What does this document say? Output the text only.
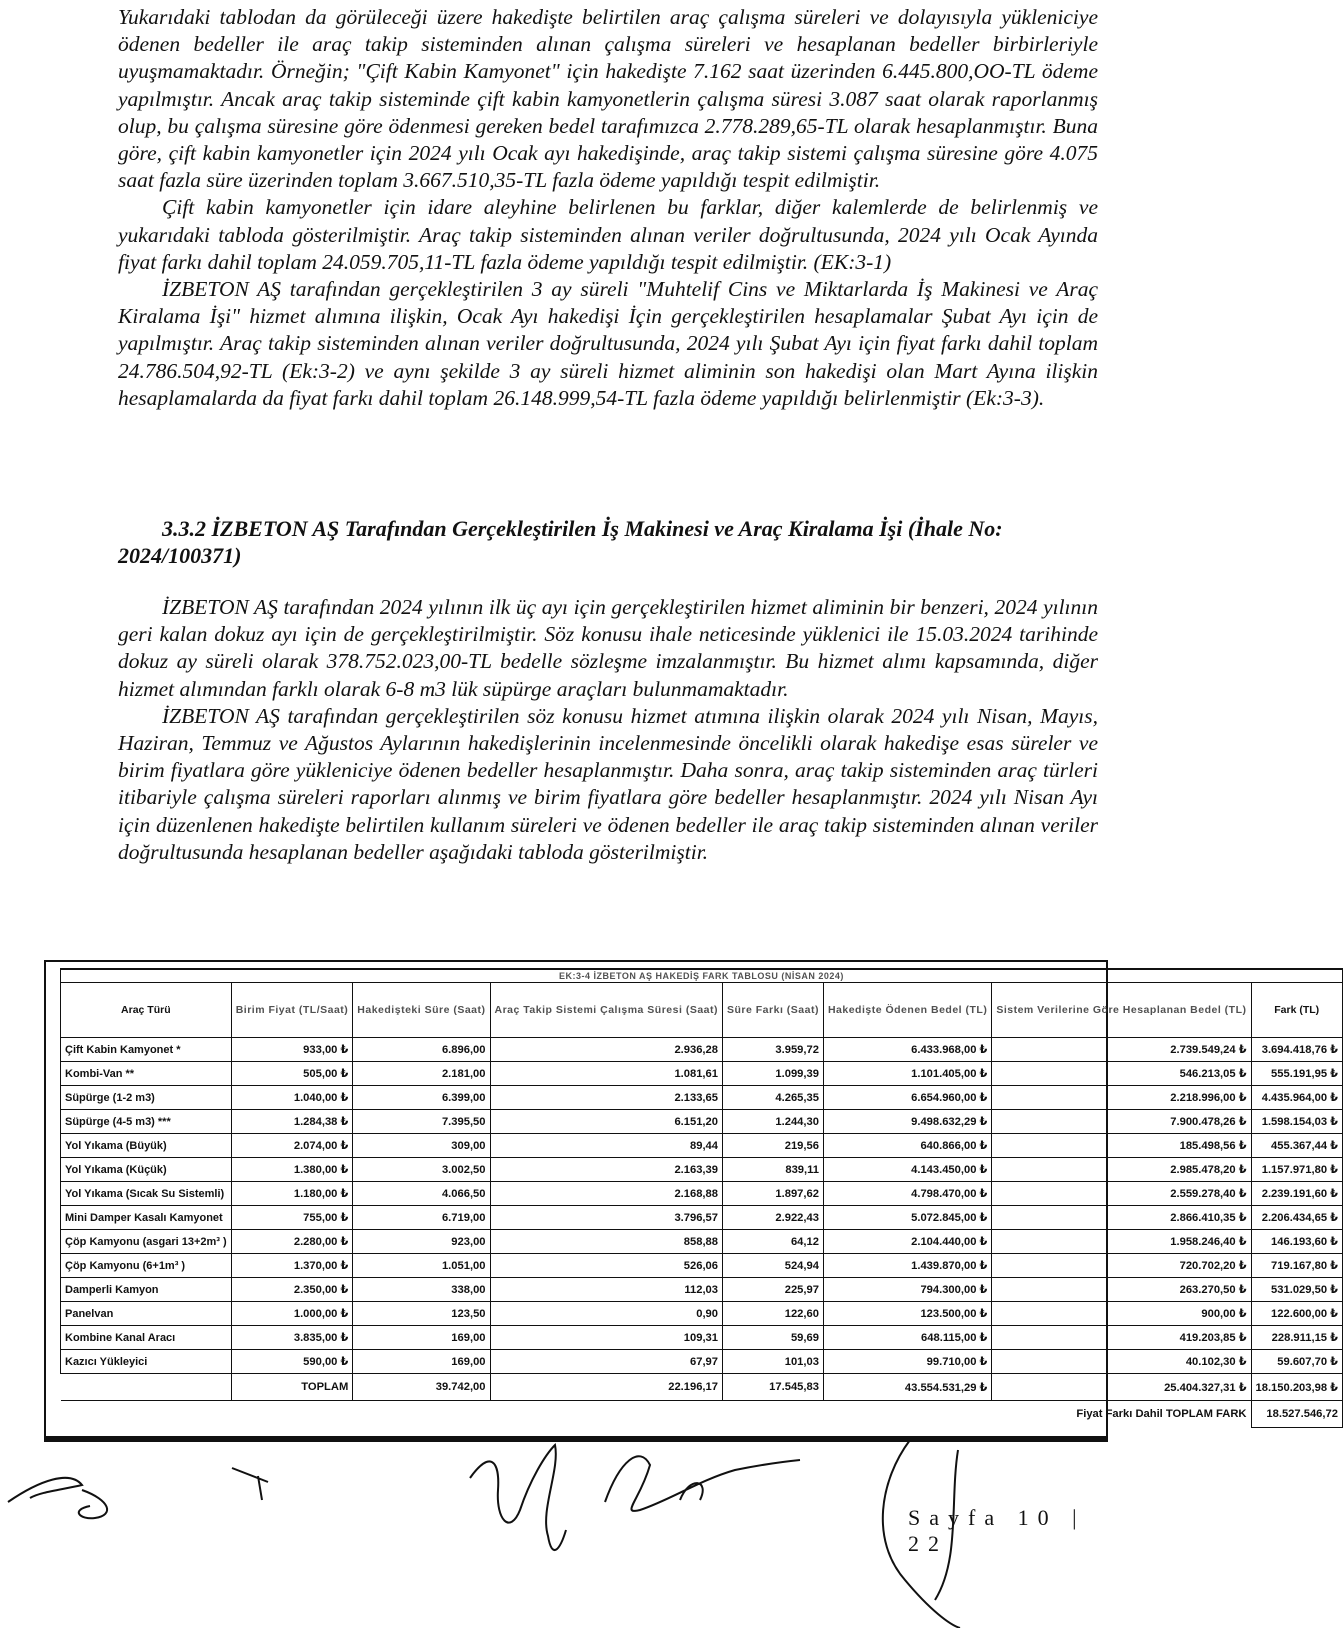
Yukarıdaki tablodan da görüleceği üzere hakedişte belirtilen araç çalışma süreleri ve dolayısıyla yükleniciye ödenen bedeller ile araç takip sisteminden alınan çalışma süreleri ve hesaplanan bedeller birbirleriyle uyuşmamaktadır. Örneğin; "Çift Kabin Kamyonet" için hakedişte 7.162 saat üzerinden 6.445.800,OO-TL ödeme yapılmıştır. Ancak araç takip sisteminde çift kabin kamyonetlerin çalışma süresi 3.087 saat olarak raporlanmış olup, bu çalışma süresine göre ödenmesi gereken bedel tarafımızca 2.778.289,65-TL olarak hesaplanmıştır. Buna göre, çift kabin kamyonetler için 2024 yılı Ocak ayı hakedişinde, araç takip sistemi çalışma süresine göre 4.075 saat fazla süre üzerinden toplam 3.667.510,35-TL fazla ödeme yapıldığı tespit edilmiştir.

Çift kabin kamyonetler için idare aleyhine belirlenen bu farklar, diğer kalemlerde de belirlenmiş ve yukarıdaki tabloda gösterilmiştir. Araç takip sisteminden alınan veriler doğrultusunda, 2024 yılı Ocak Ayında fiyat farkı dahil toplam 24.059.705,11-TL fazla ödeme yapıldığı tespit edilmiştir. (EK:3-1)

İZBETON AŞ tarafından gerçekleştirilen 3 ay süreli "Muhtelif Cins ve Miktarlarda İş Makinesi ve Araç Kiralama İşi" hizmet alımına ilişkin, Ocak Ayı hakedişi İçin gerçekleştirilen hesaplamalar Şubat Ayı için de yapılmıştır. Araç takip sisteminden alınan veriler doğrultusunda, 2024 yılı Şubat Ayı için fiyat farkı dahil toplam 24.786.504,92-TL (Ek:3-2) ve aynı şekilde 3 ay süreli hizmet aliminin son hakedişi olan Mart Ayına ilişkin hesaplamalarda da fiyat farkı dahil toplam 26.148.999,54-TL fazla ödeme yapıldığı belirlenmiştir (Ek:3-3).

3.3.2 İZBETON AŞ Tarafından Gerçekleştirilen İş Makinesi ve Araç Kiralama İşi (İhale No: 2024/100371)

İZBETON AŞ tarafından 2024 yılının ilk üç ayı için gerçekleştirilen hizmet aliminin bir benzeri, 2024 yılının geri kalan dokuz ayı için de gerçekleştirilmiştir. Söz konusu ihale neticesinde yüklenici ile 15.03.2024 tarihinde dokuz ay süreli olarak 378.752.023,00-TL bedelle sözleşme imzalanmıştır. Bu hizmet alımı kapsamında, diğer hizmet alımından farklı olarak 6-8 m3 lük süpürge araçları bulunmamaktadır.

İZBETON AŞ tarafından gerçekleştirilen söz konusu hizmet atımına ilişkin olarak 2024 yılı Nisan, Mayıs, Haziran, Temmuz ve Ağustos Aylarının hakedişlerinin incelenmesinde öncelikli olarak hakedişe esas süreler ve birim fiyatlara göre yükleniciye ödenen bedeller hesaplanmıştır. Daha sonra, araç takip sisteminden araç türleri itibariyle çalışma süreleri raporları alınmış ve birim fiyatlara göre bedeller hesaplanmıştır. 2024 yılı Nisan Ayı için düzenlenen hakedişte belirtilen kullanım süreleri ve ödenen bedeller ile araç takip sisteminden alınan veriler doğrultusunda hesaplanan bedeller aşağıdaki tabloda gösterilmiştir.

EK:3-4 İZBETON AŞ HAKEDİŞ FARK TABLOSU (NİSAN 2024)							
Araç Türü	Birim Fiyat (TL/Saat)	Hakedişteki Süre (Saat)	Araç Takip Sistemi Çalışma Süresi (Saat)	Süre Farkı (Saat)	Hakedişte Ödenen Bedel (TL)	Sistem Verilerine Göre Hesaplanan Bedel (TL)	Fark (TL)
Çift Kabin Kamyonet *	933,00 ₺	6.896,00	2.936,28	3.959,72	6.433.968,00 ₺	2.739.549,24 ₺	3.694.418,76 ₺
Kombi-Van **	505,00 ₺	2.181,00	1.081,61	1.099,39	1.101.405,00 ₺	546.213,05 ₺	555.191,95 ₺
Süpürge (1-2 m3)	1.040,00 ₺	6.399,00	2.133,65	4.265,35	6.654.960,00 ₺	2.218.996,00 ₺	4.435.964,00 ₺
Süpürge (4-5 m3) ***	1.284,38 ₺	7.395,50	6.151,20	1.244,30	9.498.632,29 ₺	7.900.478,26 ₺	1.598.154,03 ₺
Yol Yıkama (Büyük)	2.074,00 ₺	309,00	89,44	219,56	640.866,00 ₺	185.498,56 ₺	455.367,44 ₺
Yol Yıkama (Küçük)	1.380,00 ₺	3.002,50	2.163,39	839,11	4.143.450,00 ₺	2.985.478,20 ₺	1.157.971,80 ₺
Yol Yıkama (Sıcak Su Sistemli)	1.180,00 ₺	4.066,50	2.168,88	1.897,62	4.798.470,00 ₺	2.559.278,40 ₺	2.239.191,60 ₺
Mini Damper Kasalı Kamyonet	755,00 ₺	6.719,00	3.796,57	2.922,43	5.072.845,00 ₺	2.866.410,35 ₺	2.206.434,65 ₺
Çöp Kamyonu (asgari 13+2m³ )	2.280,00 ₺	923,00	858,88	64,12	2.104.440,00 ₺	1.958.246,40 ₺	146.193,60 ₺
Çöp Kamyonu (6+1m³ )	1.370,00 ₺	1.051,00	526,06	524,94	1.439.870,00 ₺	720.702,20 ₺	719.167,80 ₺
Damperli Kamyon	2.350,00 ₺	338,00	112,03	225,97	794.300,00 ₺	263.270,50 ₺	531.029,50 ₺
Panelvan	1.000,00 ₺	123,50	0,90	122,60	123.500,00 ₺	900,00 ₺	122.600,00 ₺
Kombine Kanal Aracı	3.835,00 ₺	169,00	109,31	59,69	648.115,00 ₺	419.203,85 ₺	228.911,15 ₺
Kazıcı Yükleyici	590,00 ₺	169,00	67,97	101,03	99.710,00 ₺	40.102,30 ₺	59.607,70 ₺
	TOPLAM	39.742,00	22.196,17	17.545,83	43.554.531,29 ₺	25.404.327,31 ₺	18.150.203,98 ₺
Fiyat Farkı Dahil TOPLAM FARK							18.527.546,72
Sayfa 10 | 22
